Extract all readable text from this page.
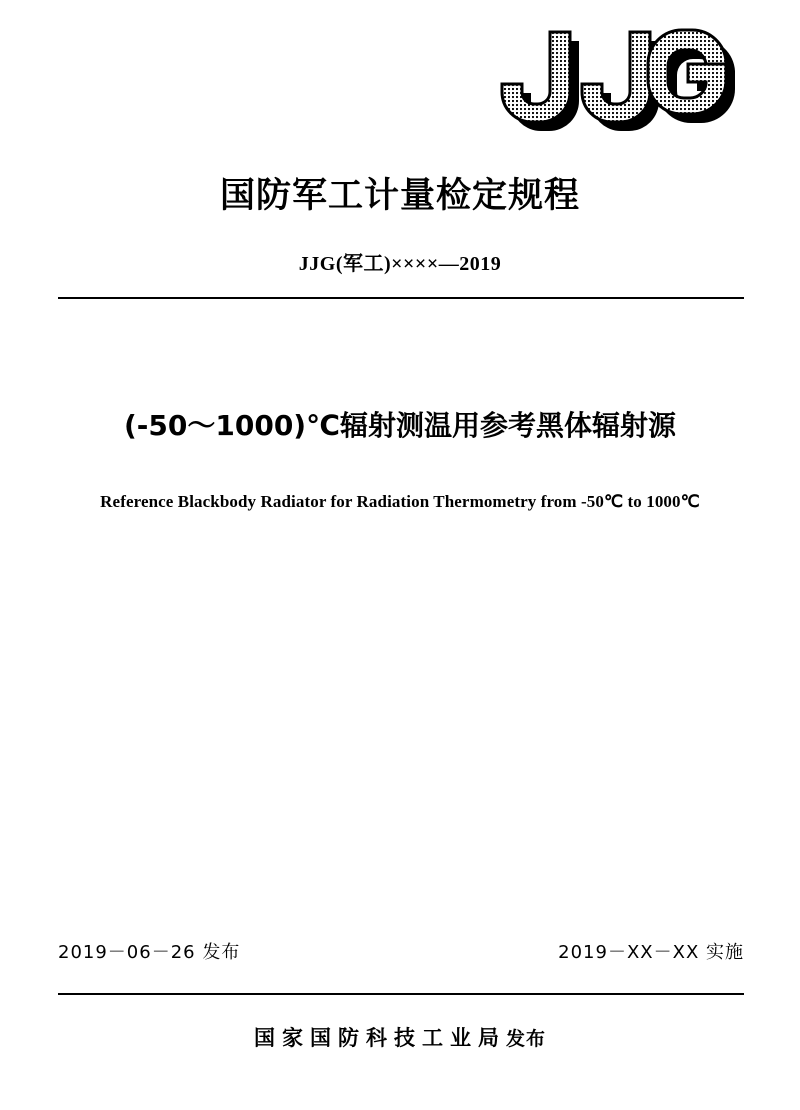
国防军工计量检定规程
JJG(军工)××××—2019
(-50～1000)℃辐射测温用参考黑体辐射源
Reference Blackbody Radiator for Radiation Thermometry from -50℃ to 1000℃
2019－06－26 发布	2019－XX－XX 实施
国家国防科技工业局发布
